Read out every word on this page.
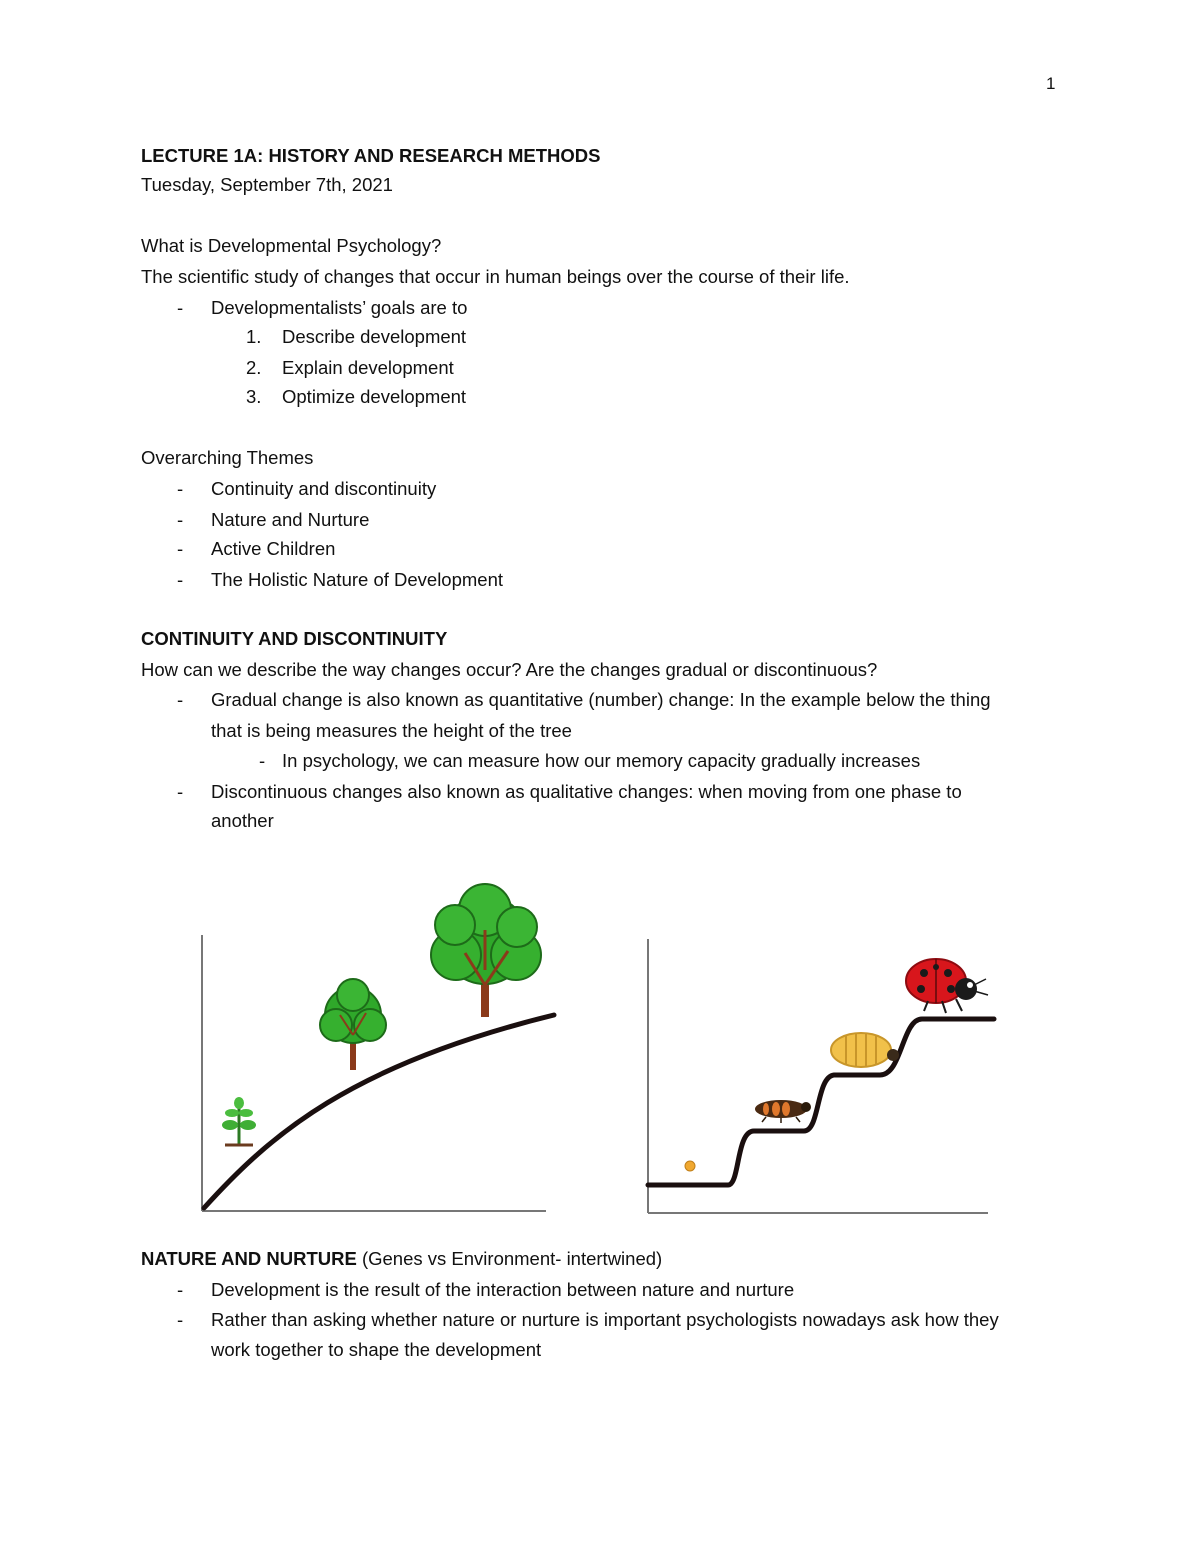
1
LECTURE 1A: HISTORY AND RESEARCH METHODS
Tuesday, September 7th, 2021
What is Developmental Psychology?
The scientific study of changes that occur in human beings over the course of their life.
- Developmentalists’ goals are to
1. Describe development
2. Explain development
3. Optimize development
Overarching Themes
- Continuity and discontinuity
- Nature and Nurture
- Active Children
- The Holistic Nature of Development
CONTINUITY AND DISCONTINUITY
How can we describe the way changes occur? Are the changes gradual or discontinuous?
- Gradual change is also known as quantitative (number) change: In the example below the thing
that is being measures the height of the tree
- In psychology, we can measure how our memory capacity gradually increases
- Discontinuous changes also known as qualitative changes: when moving from one phase to
another
NATURE AND NURTURE (Genes vs Environment- intertwined)
- Development is the result of the interaction between nature and nurture
- Rather than asking whether nature or nurture is important psychologists nowadays ask how they
work together to shape the development
